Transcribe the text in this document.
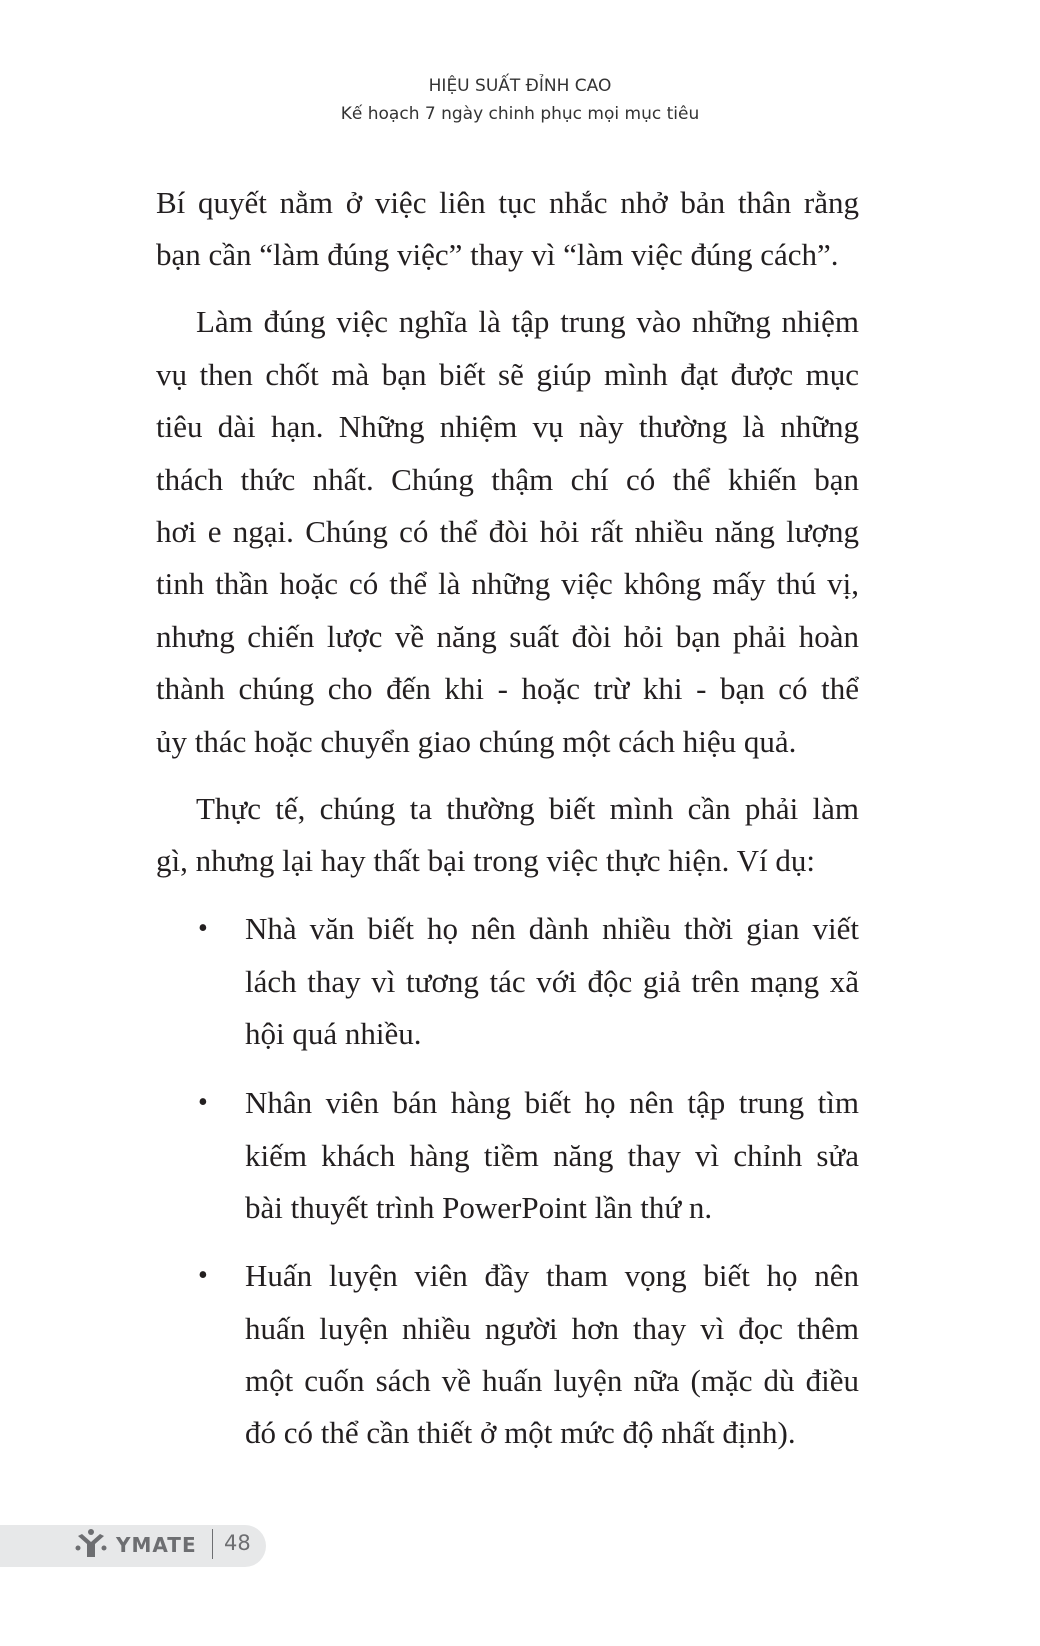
HIỆU SUẤT ĐỈNH CAO
Kế hoạch 7 ngày chinh phục mọi mục tiêu
Bí quyết nằm ở việc liên tục nhắc nhở bản thân rằng
bạn cần “làm đúng việc” thay vì “làm việc đúng cách”.
Làm đúng việc nghĩa là tập trung vào những nhiệm
vụ then chốt mà bạn biết sẽ giúp mình đạt được mục
tiêu dài hạn. Những nhiệm vụ này thường là những
thách thức nhất. Chúng thậm chí có thể khiến bạn
hơi e ngại. Chúng có thể đòi hỏi rất nhiều năng lượng
tinh thần hoặc có thể là những việc không mấy thú vị,
nhưng chiến lược về năng suất đòi hỏi bạn phải hoàn
thành chúng cho đến khi - hoặc trừ khi - bạn có thể
ủy thác hoặc chuyển giao chúng một cách hiệu quả.
Thực tế, chúng ta thường biết mình cần phải làm
gì, nhưng lại hay thất bại trong việc thực hiện. Ví dụ:
• Nhà văn biết họ nên dành nhiều thời gian viết
lách thay vì tương tác với độc giả trên mạng xã
hội quá nhiều.
• Nhân viên bán hàng biết họ nên tập trung tìm
kiếm khách hàng tiềm năng thay vì chỉnh sửa
bài thuyết trình PowerPoint lần thứ n.
• Huấn luyện viên đầy tham vọng biết họ nên
huấn luyện nhiều người hơn thay vì đọc thêm
một cuốn sách về huấn luyện nữa (mặc dù điều
đó có thể cần thiết ở một mức độ nhất định).
YMATE 48
